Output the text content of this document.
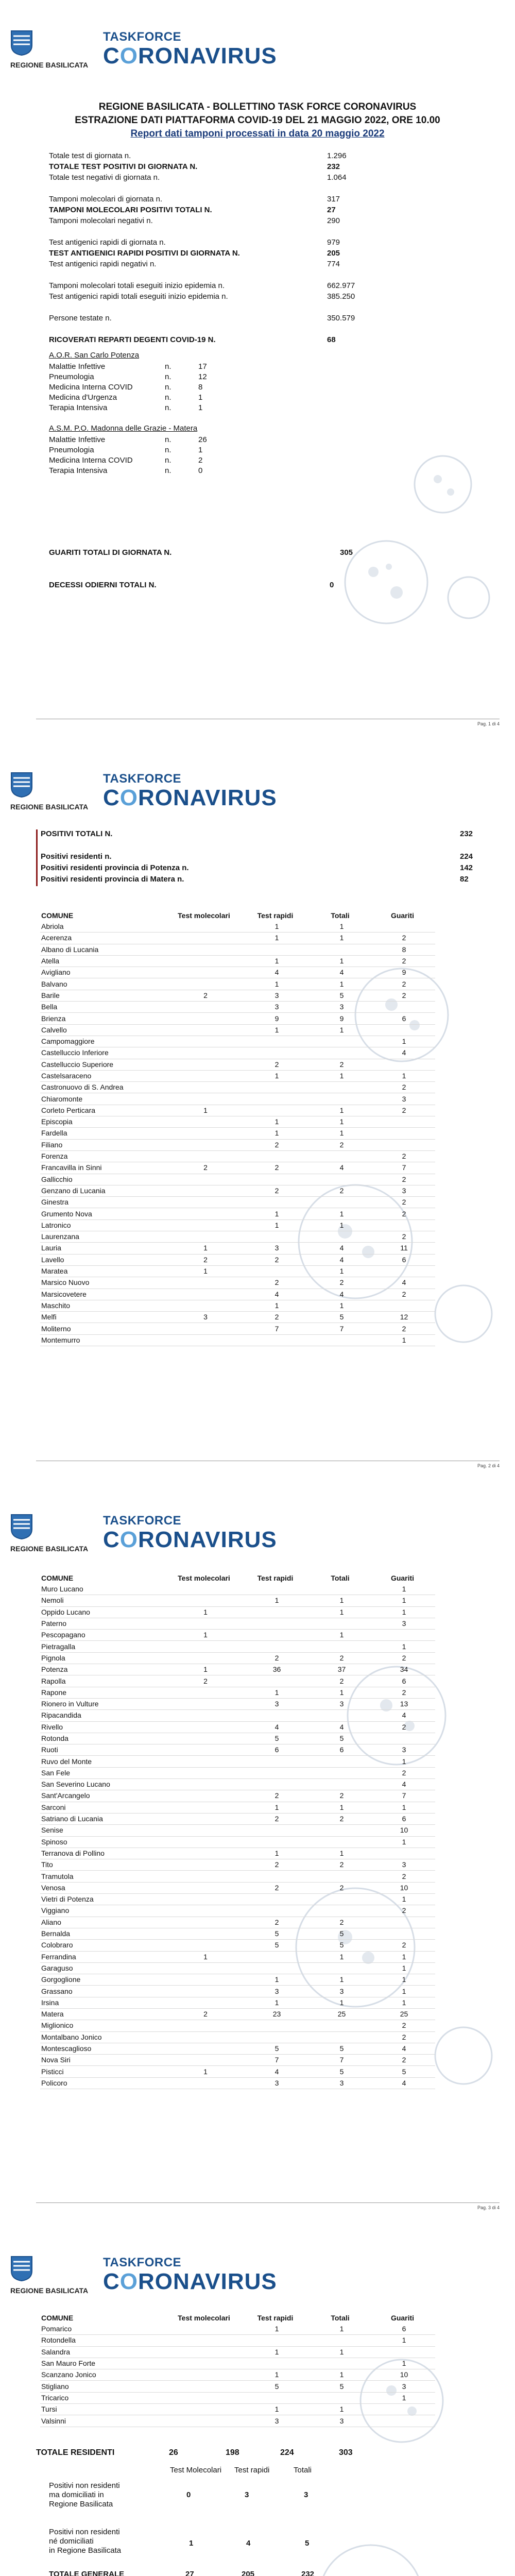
REGIONE BASILICATA
TASKFORCE
CORONAVIRUS
REGIONE BASILICATA - BOLLETTINO TASK FORCE CORONAVIRUS
ESTRAZIONE DATI PIATTAFORMA COVID-19 DEL 21 MAGGIO 2022, ORE 10.00
Report dati tamponi processati in data 20 maggio 2022
Totale test di giornata n.	1.296
TOTALE TEST POSITIVI DI GIORNATA N.	232
Totale test negativi di giornata n.	1.064
Tamponi molecolari di giornata n.	317
TAMPONI MOLECOLARI POSITIVI TOTALI N.	27
Tamponi molecolari negativi n.	290
Test antigenici rapidi di giornata n.	979
TEST ANTIGENICI RAPIDI POSITIVI DI GIORNATA N.	205
Test antigenici rapidi negativi n.	774
Tamponi molecolari totali eseguiti inizio epidemia n.	662.977
Test antigenici rapidi totali eseguiti inizio epidemia n.	385.250
Persone testate n.	350.579
RICOVERATI REPARTI DEGENTI COVID-19 N.	68
A.O.R. San Carlo Potenza
Malattie Infettive	n.	17
Pneumologia	n.	12
Medicina Interna COVID	n.	8
Medicina d'Urgenza	n.	1
Terapia Intensiva	n.	1
A.S.M. P.O. Madonna delle Grazie - Matera
Malattie Infettive	n.	26
Pneumologia	n.	1
Medicina Interna COVID	n.	2
Terapia Intensiva	n.	0
GUARITI TOTALI DI GIORNATA N.	305
DECESSI ODIERNI TOTALI N.	0
Pag. 1 di 4
REGIONE BASILICATA
TASKFORCE
CORONAVIRUS
POSITIVI TOTALI N.	232
Positivi residenti n.	224
Positivi residenti provincia di Potenza n.	142
Positivi residenti provincia di Matera n.	82
COMUNE	Test molecolari	Test rapidi	Totali	Guariti
Abriola		1	1	
Acerenza		1	1	2
Albano di Lucania				8
Atella		1	1	2
Avigliano		4	4	9
Balvano		1	1	2
Barile	2	3	5	2
Bella		3	3	
Brienza		9	9	6
Calvello		1	1	
Campomaggiore				1
Castelluccio Inferiore				4
Castelluccio Superiore		2	2	
Castelsaraceno		1	1	1
Castronuovo di S. Andrea				2
Chiaromonte				3
Corleto Perticara	1		1	2
Episcopia		1	1	
Fardella		1	1	
Filiano		2	2	
Forenza				2
Francavilla in Sinni	2	2	4	7
Gallicchio				2
Genzano di Lucania		2	2	3
Ginestra				2
Grumento Nova		1	1	2
Latronico		1	1	
Laurenzana				2
Lauria	1	3	4	11
Lavello	2	2	4	6
Maratea	1		1	
Marsico Nuovo		2	2	4
Marsicovetere		4	4	2
Maschito		1	1	
Melfi	3	2	5	12
Moliterno		7	7	2
Montemurro				1
Pag. 2 di 4
REGIONE BASILICATA
TASKFORCE
CORONAVIRUS
COMUNE	Test molecolari	Test rapidi	Totali	Guariti
Muro Lucano				1
Nemoli		1	1	1
Oppido Lucano	1		1	1
Paterno				3
Pescopagano	1		1	
Pietragalla				1
Pignola		2	2	2
Potenza	1	36	37	34
Rapolla	2		2	6
Rapone		1	1	2
Rionero in Vulture		3	3	13
Ripacandida				4
Rivello		4	4	2
Rotonda		5	5	
Ruoti		6	6	3
Ruvo del Monte				1
San Fele				2
San Severino Lucano				4
Sant'Arcangelo		2	2	7
Sarconi		1	1	1
Satriano di Lucania		2	2	6
Senise				10
Spinoso				1
Terranova di Pollino		1	1	
Tito		2	2	3
Tramutola				2
Venosa		2	2	10
Vietri di Potenza				1
Viggiano				2
Aliano		2	2	
Bernalda		5	5	
Colobraro		5	5	2
Ferrandina	1		1	1
Garaguso				1
Gorgoglione		1	1	1
Grassano		3	3	1
Irsina		1	1	1
Matera	2	23	25	25
Miglionico				2
Montalbano Jonico				2
Montescaglioso		5	5	4
Nova Siri		7	7	2
Pisticci	1	4	5	5
Policoro		3	3	4
Pag. 3 di 4
REGIONE BASILICATA
TASKFORCE
CORONAVIRUS
COMUNE	Test molecolari	Test rapidi	Totali	Guariti
Pomarico		1	1	6
Rotondella				1
Salandra		1	1	
San Mauro Forte				1
Scanzano Jonico		1	1	10
Stigliano		5	5	3
Tricarico				1
Tursi		1	1	
Valsinni		3	3	
TOTALE RESIDENTI	26	198	224	303
Test Molecolari Test rapidi	Totali
Positivi non residenti
ma domiciliati in
Regione Basilicata
0	3	3
Positivi non residenti
né domiciliati
in Regione Basilicata
1	4	5
TOTALE GENERALE	27	205	232
